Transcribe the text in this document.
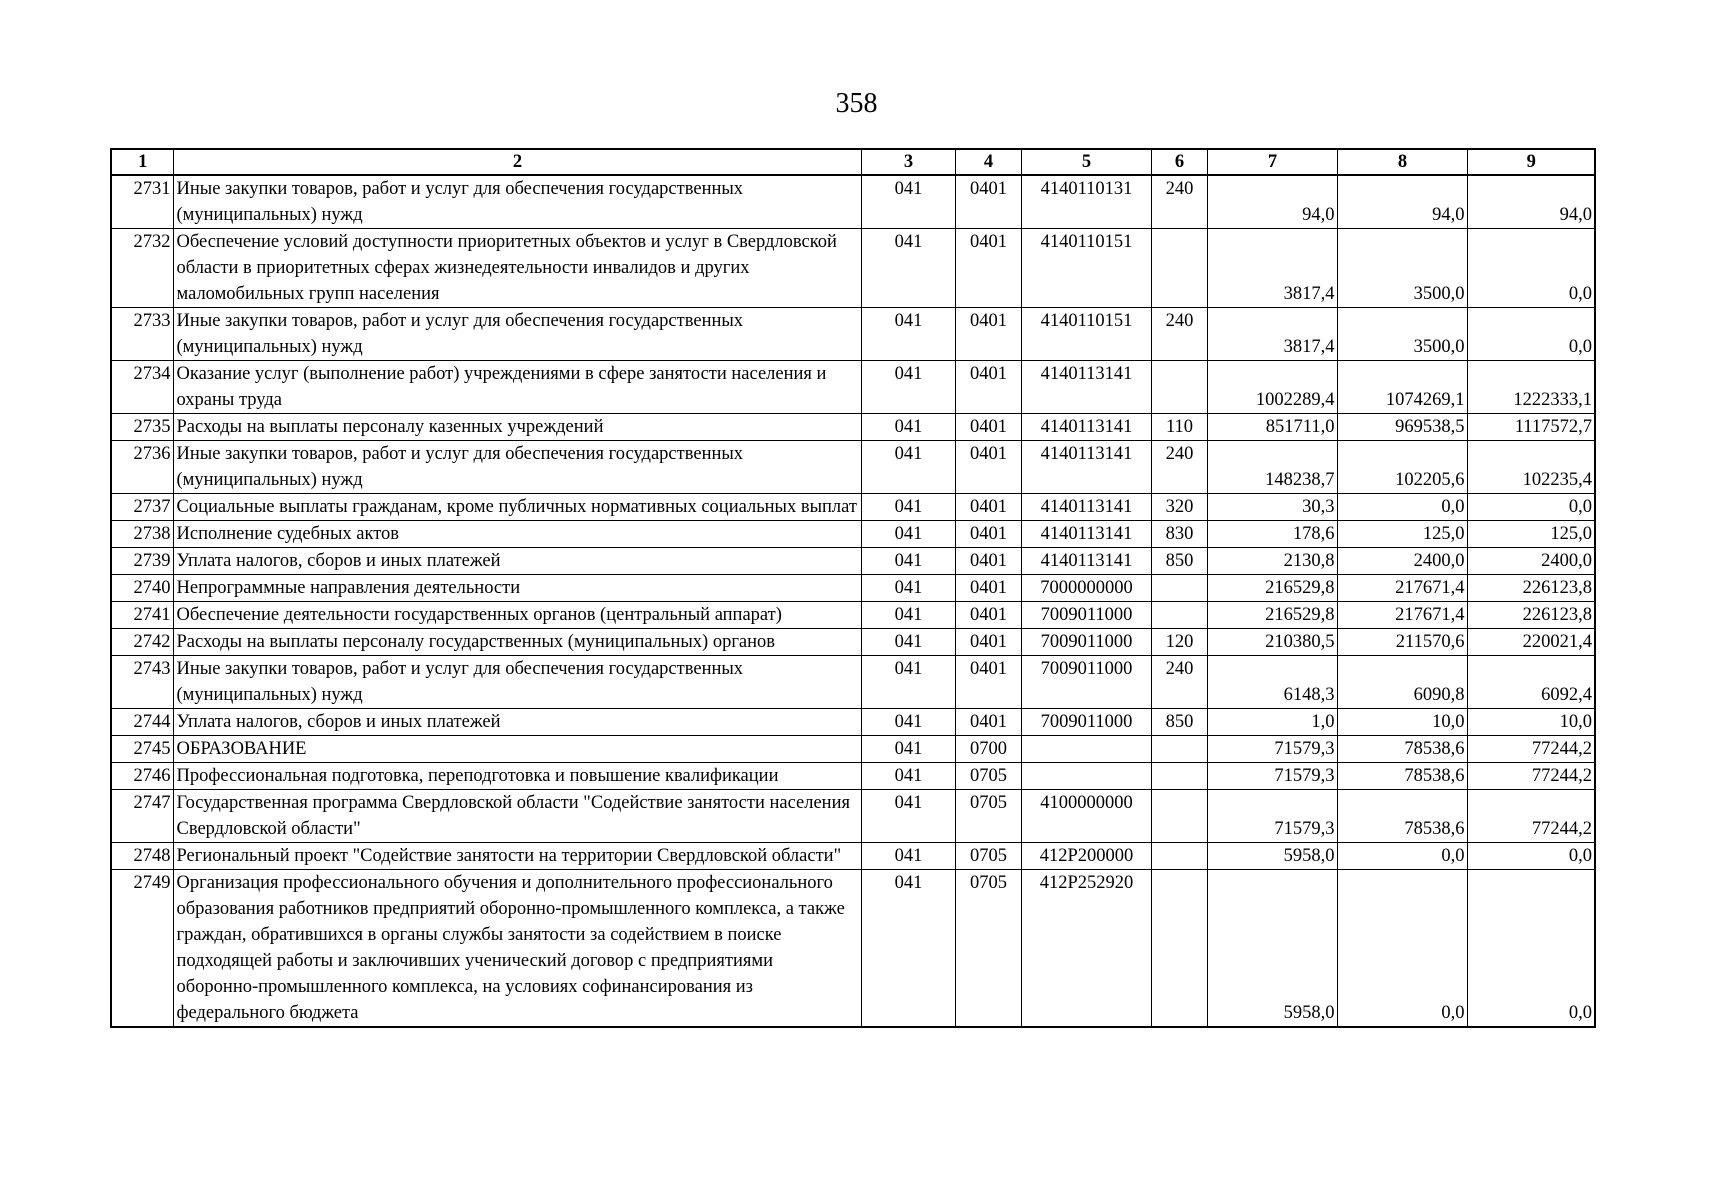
358
1	2	3	4	5	6	7	8	9
2731	Иные закупки товаров, работ и услуг для обеспечения государственных (муниципальных) нужд	041	0401	4140110131	240	94,0	94,0	94,0
2732	Обеспечение условий доступности приоритетных объектов и услуг в Свердловской области в приоритетных сферах жизнедеятельности инвалидов и других маломобильных групп населения	041	0401	4140110151		3817,4	3500,0	0,0
2733	Иные закупки товаров, работ и услуг для обеспечения государственных (муниципальных) нужд	041	0401	4140110151	240	3817,4	3500,0	0,0
2734	Оказание услуг (выполнение работ) учреждениями в сфере занятости населения и охраны труда	041	0401	4140113141		1002289,4	1074269,1	1222333,1
2735	Расходы на выплаты персоналу казенных учреждений	041	0401	4140113141	110	851711,0	969538,5	1117572,7
2736	Иные закупки товаров, работ и услуг для обеспечения государственных (муниципальных) нужд	041	0401	4140113141	240	148238,7	102205,6	102235,4
2737	Социальные выплаты гражданам, кроме публичных нормативных социальных выплат	041	0401	4140113141	320	30,3	0,0	0,0
2738	Исполнение судебных актов	041	0401	4140113141	830	178,6	125,0	125,0
2739	Уплата налогов, сборов и иных платежей	041	0401	4140113141	850	2130,8	2400,0	2400,0
2740	Непрограммные направления деятельности	041	0401	7000000000		216529,8	217671,4	226123,8
2741	Обеспечение деятельности государственных органов (центральный аппарат)	041	0401	7009011000		216529,8	217671,4	226123,8
2742	Расходы на выплаты персоналу государственных (муниципальных) органов	041	0401	7009011000	120	210380,5	211570,6	220021,4
2743	Иные закупки товаров, работ и услуг для обеспечения государственных (муниципальных) нужд	041	0401	7009011000	240	6148,3	6090,8	6092,4
2744	Уплата налогов, сборов и иных платежей	041	0401	7009011000	850	1,0	10,0	10,0
2745	ОБРАЗОВАНИЕ	041	0700			71579,3	78538,6	77244,2
2746	Профессиональная подготовка, переподготовка и повышение квалификации	041	0705			71579,3	78538,6	77244,2
2747	Государственная программа Свердловской области "Содействие занятости населения Свердловской области"	041	0705	4100000000		71579,3	78538,6	77244,2
2748	Региональный проект "Содействие занятости на территории Свердловской области"	041	0705	412P200000		5958,0	0,0	0,0
2749	Организация профессионального обучения и дополнительного профессионального образования работников предприятий оборонно-промышленного комплекса, а также граждан, обратившихся в органы службы занятости за содействием в поиске подходящей работы и заключивших ученический договор с предприятиями оборонно-промышленного комплекса, на условиях софинансирования из федерального бюджета	041	0705	412P252920		5958,0	0,0	0,0
